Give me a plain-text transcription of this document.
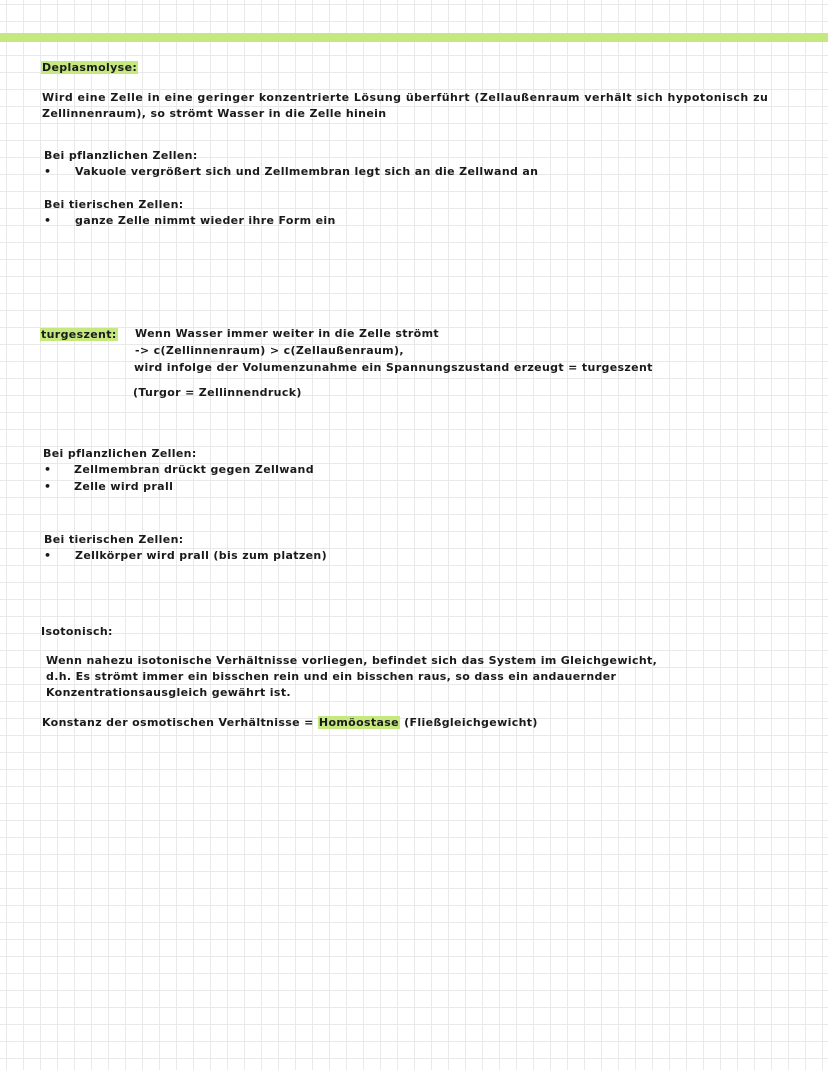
Deplasmolyse:
Wird eine Zelle in eine geringer konzentrierte Lösung überführt (Zellaußenraum verhält sich hypotonisch zu
Zellinnenraum), so strömt Wasser in die Zelle hinein
Bei pflanzlichen Zellen:
• Vakuole vergrößert sich und Zellmembran legt sich an die Zellwand an
Bei tierischen Zellen:
• ganze Zelle nimmt wieder ihre Form ein
turgeszent: Wenn Wasser immer weiter in die Zelle strömt
-> c(Zellinnenraum) > c(Zellaußenraum),
wird infolge der Volumenzunahme ein Spannungszustand erzeugt = turgeszent
(Turgor = Zellinnendruck)
Bei pflanzlichen Zellen:
• Zellmembran drückt gegen Zellwand
• Zelle wird prall
Bei tierischen Zellen:
• Zellkörper wird prall (bis zum platzen)
Isotonisch:
Wenn nahezu isotonische Verhältnisse vorliegen, befindet sich das System im Gleichgewicht,
d.h. Es strömt immer ein bisschen rein und ein bisschen raus, so dass ein andauernder
Konzentrationsausgleich gewährt ist.
Konstanz der osmotischen Verhältnisse = Homöostase (Fließgleichgewicht)
